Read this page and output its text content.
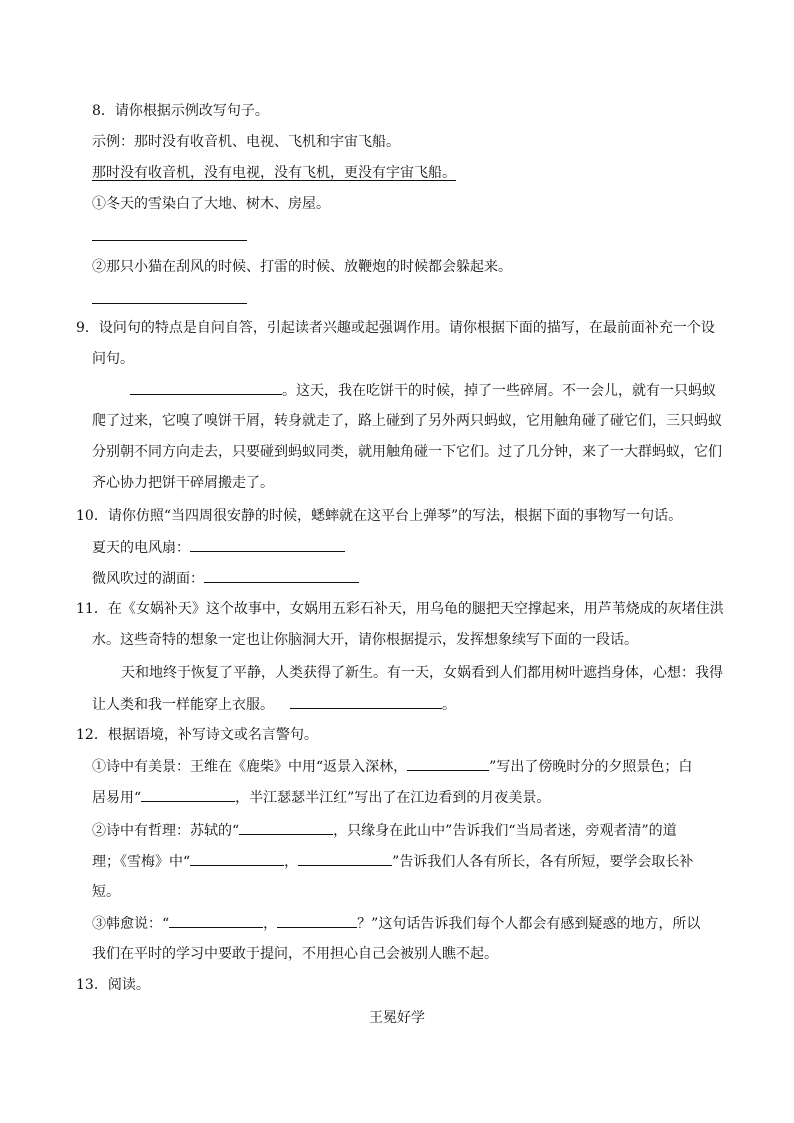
8．请你根据示例改写句子。
示例：那时没有收音机、电视、飞机和宇宙飞船。
那时没有收音机，没有电视，没有飞机，更没有宇宙飞船。
①冬天的雪染白了大地、树木、房屋。
②那只小猫在刮风的时候、打雷的时候、放鞭炮的时候都会躲起来。
9．设问句的特点是自问自答，引起读者兴趣或起强调作用。请你根据下面的描写，在最前面补充一个设
问句。
。这天，我在吃饼干的时候，掉了一些碎屑。不一会儿，就有一只蚂蚁
爬了过来，它嗅了嗅饼干屑，转身就走了，路上碰到了另外两只蚂蚁，它用触角碰了碰它们，三只蚂蚁
分别朝不同方向走去，只要碰到蚂蚁同类，就用触角碰一下它们。过了几分钟，来了一大群蚂蚁，它们
齐心协力把饼干碎屑搬走了。
10．请你仿照“当四周很安静的时候，蟋蟀就在这平台上弹琴”的写法，根据下面的事物写一句话。
夏天的电风扇：
微风吹过的湖面：
11．在《女娲补天》这个故事中，女娲用五彩石补天，用乌龟的腿把天空撑起来，用芦苇烧成的灰堵住洪
水。这些奇特的想象一定也让你脑洞大开，请你根据提示，发挥想象续写下面的一段话。
天和地终于恢复了平静，人类获得了新生。有一天，女娲看到人们都用树叶遮挡身体，心想：我得
让人类和我一样能穿上衣服。	。
12．根据语境，补写诗文或名言警句。
①诗中有美景：王维在《鹿柴》中用“返景入深林，	”写出了傍晚时分的夕照景色；白
居易用“	，半江瑟瑟半江红”写出了在江边看到的月夜美景。
②诗中有哲理：苏轼的“	，只缘身在此山中”告诉我们“当局者迷，旁观者清”的道
理；《雪梅》中“	，	”告诉我们人各有所长，各有所短，要学会取长补
短。
③韩愈说：“	，	？”这句话告诉我们每个人都会有感到疑惑的地方，所以
我们在平时的学习中要敢于提问，不用担心自己会被别人瞧不起。
13．阅读。
王冕好学
